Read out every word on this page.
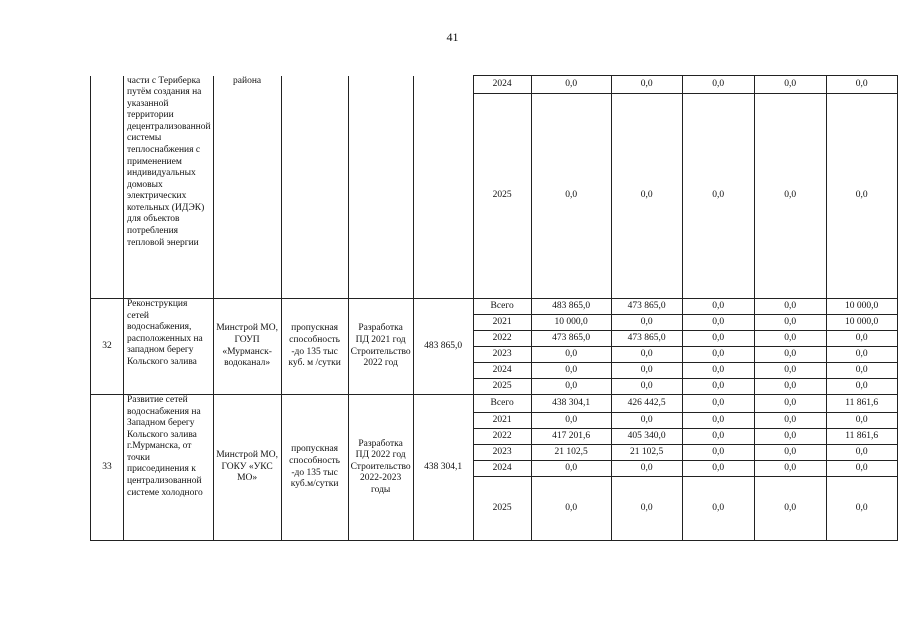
41
	части с Териберка путём создания на указанной территории децентрализованной системы теплоснабжения с применением индивидуальных домовых электрических котельных (ИДЭК) для объектов потребления тепловой энергии	района				2024	0,0	0,0	0,0	0,0	0,0
						2025	0,0	0,0	0,0	0,0	0,0
32	Реконструкция сетей водоснабжения, расположенных на западном берегу Кольского залива	Минстрой МО, ГОУП «Мурманск-водоканал»	пропускная способность -до 135 тыс куб. м /сутки	Разработка ПД 2021 год Строительство 2022 год	483 865,0	Всего	483 865,0	473 865,0	0,0	0,0	10 000,0
						2021	10 000,0	0,0	0,0	0,0	10 000,0
						2022	473 865,0	473 865,0	0,0	0,0	0,0
						2023	0,0	0,0	0,0	0,0	0,0
						2024	0,0	0,0	0,0	0,0	0,0
						2025	0,0	0,0	0,0	0,0	0,0
33	Развитие сетей водоснабжения на Западном берегу Кольского залива г.Мурманска, от точки присоединения к централизованной системе холодного	Минстрой МО, ГОКУ «УКС МО»	пропускная способность -до 135 тыс куб.м/сутки	Разработка ПД 2022 год Строительство 2022-2023 годы	438 304,1	Всего	438 304,1	426 442,5	0,0	0,0	11 861,6
						2021	0,0	0,0	0,0	0,0	0,0
						2022	417 201,6	405 340,0	0,0	0,0	11 861,6
						2023	21 102,5	21 102,5	0,0	0,0	0,0
						2024	0,0	0,0	0,0	0,0	0,0
						2025	0,0	0,0	0,0	0,0	0,0
